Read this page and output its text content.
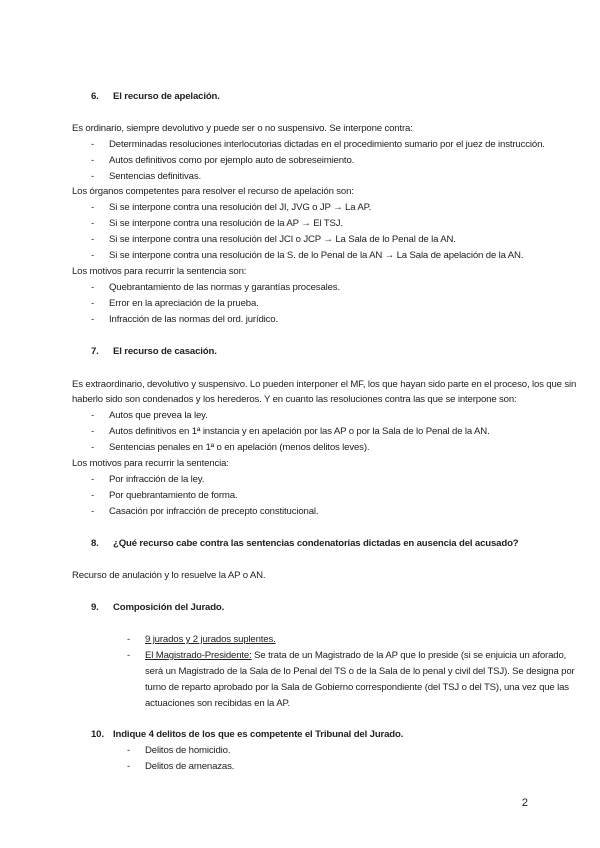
6. El recurso de apelación.
Es ordinario, siempre devolutivo y puede ser o no suspensivo. Se interpone contra:
- Determinadas resoluciones interlocutorias dictadas en el procedimiento sumario por el juez de instrucción.
- Autos definitivos como por ejemplo auto de sobreseimiento.
- Sentencias definitivas.
Los órganos competentes para resolver el recurso de apelación son:
- Si se interpone contra una resolución del JI, JVG o JP → La AP.
- Si se interpone contra una resolución de la AP → El TSJ.
- Si se interpone contra una resolución del JCI o JCP → La Sala de lo Penal de la AN.
- Si se interpone contra una resolución de la S. de lo Penal de la AN → La Sala de apelación de la AN.
Los motivos para recurrir la sentencia son:
- Quebrantamiento de las normas y garantías procesales.
- Error en la apreciación de la prueba.
- Infracción de las normas del ord. jurídico.
7. El recurso de casación.
Es extraordinario, devolutivo y suspensivo. Lo pueden interponer el MF, los que hayan sido parte en el proceso, los que sin
haberlo sido son condenados y los herederos. Y en cuanto las resoluciones contra las que se interpone son:
- Autos que prevea la ley.
- Autos definitivos en 1ª instancia y en apelación por las AP o por la Sala de lo Penal de la AN.
- Sentencias penales en 1ª o en apelación (menos delitos leves).
Los motivos para recurrir la sentencia:
- Por infracción de la ley.
- Por quebrantamiento de forma.
- Casación por infracción de precepto constitucional.
8. ¿Qué recurso cabe contra las sentencias condenatorias dictadas en ausencia del acusado?
Recurso de anulación y lo resuelve la AP o AN.
9. Composición del Jurado.
- 9 jurados y 2 jurados suplentes.
- El Magistrado-Presidente: Se trata de un Magistrado de la AP que lo preside (si se enjuicia un aforado,
será un Magistrado de la Sala de lo Penal del TS o de la Sala de lo penal y civil del TSJ). Se designa por
turno de reparto aprobado por la Sala de Gobierno correspondiente (del TSJ o del TS), una vez que las
actuaciones son recibidas en la AP.
10. Indique 4 delitos de los que es competente el Tribunal del Jurado.
- Delitos de homicidio.
- Delitos de amenazas.
2
